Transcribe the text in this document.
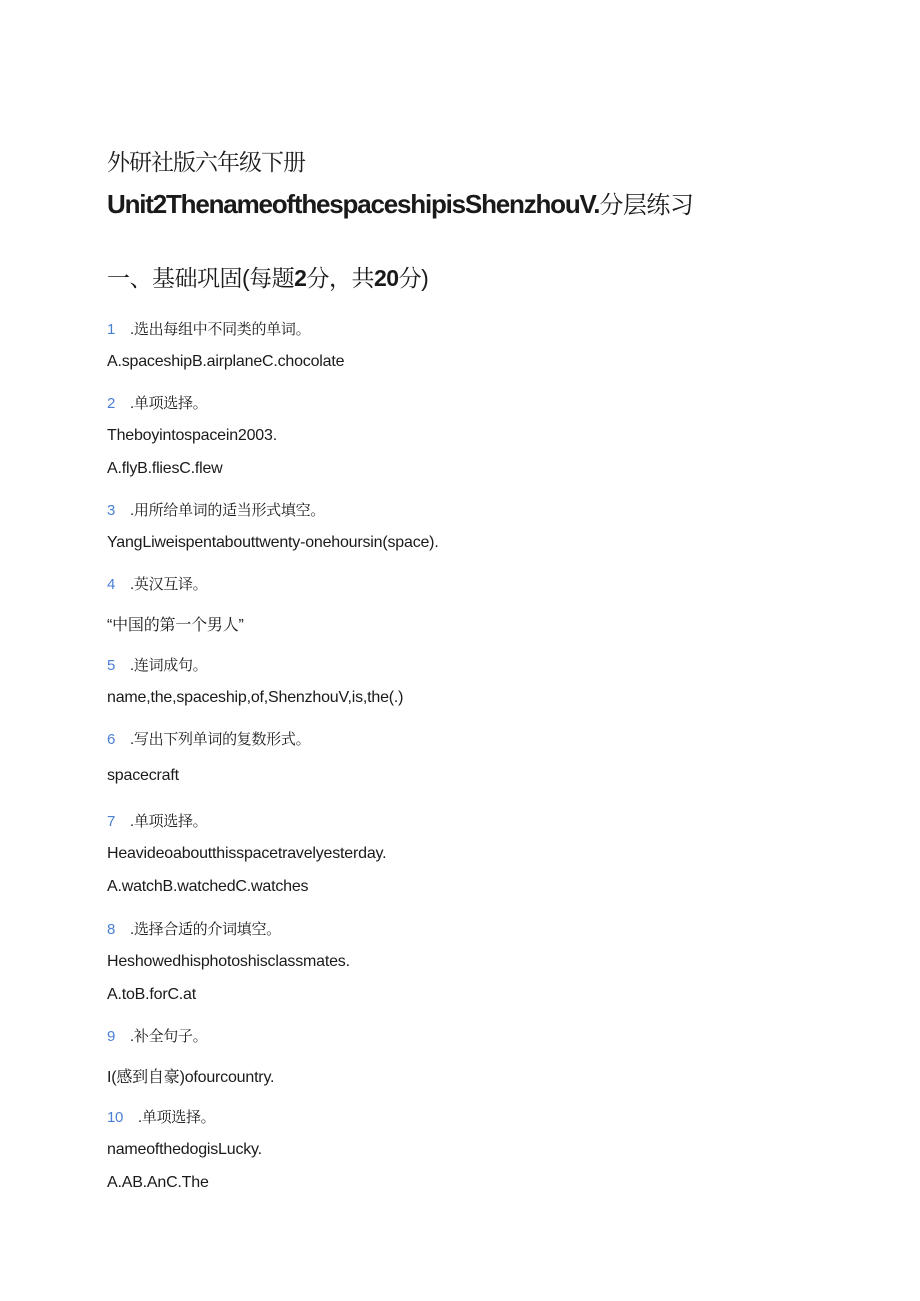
外研社版六年级下册
Unit2ThenameofthespaceshipisShenzhouV.分层练习
一、基础巩固(每题2分，共20分)
1 .选出每组中不同类的单词。
A.spaceshipB.airplaneC.chocolate
2 .单项选择。
Theboyintospacein2003.
A.flyB.fliesC.flew
3 .用所给单词的适当形式填空。
YangLiweispentabouttwenty-onehoursin(space).
4 .英汉互译。
“中国的第一个男人”
5 .连词成句。
name,the,spaceship,of,ShenzhouV,is,the(.)
6 .写出下列单词的复数形式。
spacecraft
7 .单项选择。
Heavideoaboutthisspacetravelyesterday.
A.watchB.watchedC.watches
8 .选择合适的介词填空。
Heshowedhisphotoshisclassmates.
A.toB.forC.at
9 .补全句子。
I(感到自豪)ofourcountry.
10 .单项选择。
nameofthedogisLucky.
A.AB.AnC.The
